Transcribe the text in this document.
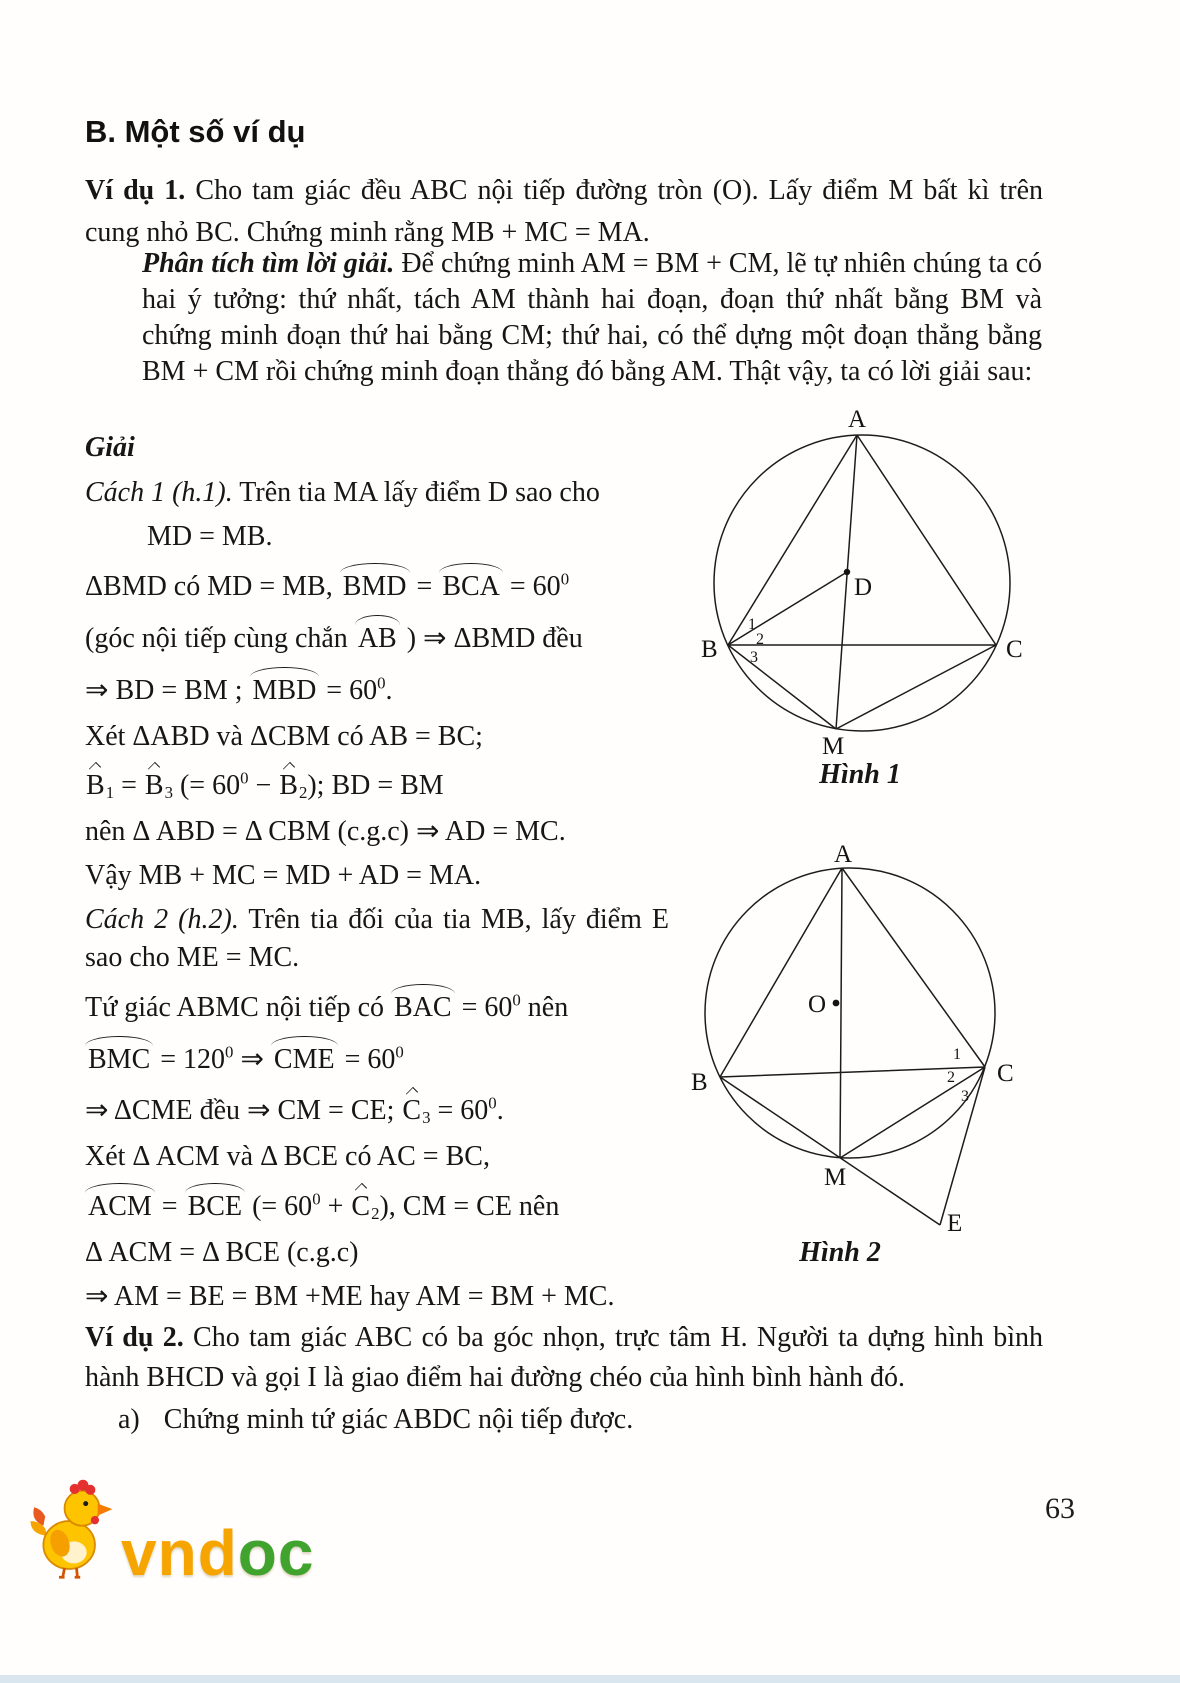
B. Một số ví dụ

Ví dụ 1. Cho tam giác đều ABC nội tiếp đường tròn (O). Lấy điểm M bất kì trên cung nhỏ BC. Chứng minh rằng MB + MC = MA.

Phân tích tìm lời giải. Để chứng minh AM = BM + CM, lẽ tự nhiên chúng ta có hai ý tưởng: thứ nhất, tách AM thành hai đoạn, đoạn thứ nhất bằng BM và chứng minh đoạn thứ hai bằng CM; thứ hai, có thể dựng một đoạn thẳng bằng BM + CM rồi chứng minh đoạn thẳng đó bằng AM. Thật vậy, ta có lời giải sau:

Giải
Cách 1 (h.1). Trên tia MA lấy điểm D sao cho
MD = MB.
ΔBMD có MD = MB, BMD = BCA = $60^0$
(góc nội tiếp cùng chắn AB ) ⇒ ΔBMD đều
⇒ BD = BM ; MBD = $60^0$.
Xét ΔABD và ΔCBM có AB = BC;
$B_1 = B_3$ (= $60^0 - B_2$); BD = BM
nên Δ ABD = Δ CBM (c.g.c) ⇒ AD = MC.
Vậy MB + MC = MD + AD = MA.
Cách 2 (h.2). Trên tia đối của tia MB, lấy điểm E sao cho ME = MC.
Tứ giác ABMC nội tiếp có BAC = $60^0$ nên
BMC = $120^0$ ⇒ CME = $60^0$
⇒ ΔCME đều ⇒ CM = CE; $C_3 = 60^0$.
Xét Δ ACM và Δ BCE có AC = BC,
ACM = BCE (= $60^0 + C_2$), CM = CE nên
Δ ACM = Δ BCE (c.g.c)
⇒ AM = BE = BM +ME hay AM = BM + MC.
A
B	C
M
D
1
2
3
Hình 1
A
B	C
M
E
O
1
2
3
Hình 2

Ví dụ 2. Cho tam giác ABC có ba góc nhọn, trực tâm H. Người ta dựng hình bình hành BHCD và gọi I là giao điểm hai đường chéo của hình bình hành đó.

a) Chứng minh tứ giác ABDC nội tiếp được.
vndoc
63
